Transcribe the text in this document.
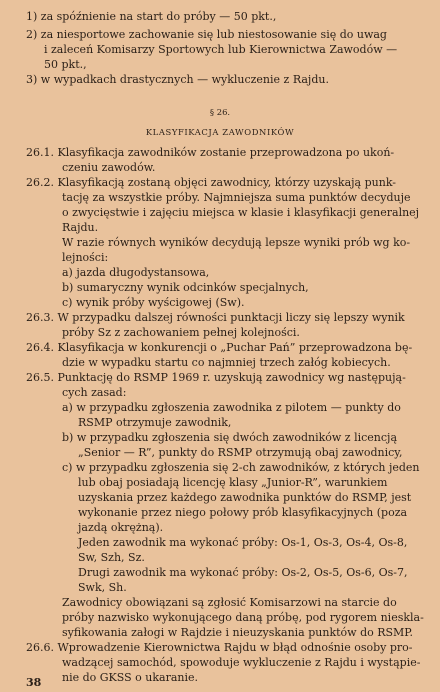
1) za spóźnienie na start do próby — 50 pkt.,
2) za niesportowe zachowanie się lub niestosowanie się do uwag
i zaleceń Komisarzy Sportowych lub Kierownictwa Zawodów —
50 pkt.,
3) w wypadkach drastycznych — wykluczenie z Rajdu.
§ 26.
KLASYFIKACJA ZAWODNIKÓW
26.1. Klasyfikacja zawodników zostanie przeprowadzona po ukoń-
czeniu zawodów.
26.2. Klasyfikacją zostaną objęci zawodnicy, którzy uzyskają punk-
tację za wszystkie próby. Najmniejsza suma punktów decyduje
o zwycięstwie i zajęciu miejsca w klasie i klasyfikacji generalnej
Rajdu.
W razie równych wyników decydują lepsze wyniki prób wg ko-
lejności:
a) jazda długodystansowa,
b) sumaryczny wynik odcinków specjalnych,
c) wynik próby wyścigowej (Sw).
26.3. W przypadku dalszej równości punktacji liczy się lepszy wynik
próby Sz z zachowaniem pełnej kolejności.
26.4. Klasyfikacja w konkurencji o „Puchar Pań” przeprowadzona bę-
dzie w wypadku startu co najmniej trzech załóg kobiecych.
26.5. Punktację do RSMP 1969 r. uzyskują zawodnicy wg następują-
cych zasad:
a) w przypadku zgłoszenia zawodnika z pilotem — punkty do
RSMP otrzymuje zawodnik,
b) w przypadku zgłoszenia się dwóch zawodników z licencją
„Senior — R”, punkty do RSMP otrzymują obaj zawodnicy,
c) w przypadku zgłoszenia się 2-ch zawodników, z których jeden
lub obaj posiadają licencję klasy „Junior-R”, warunkiem
uzyskania przez każdego zawodnika punktów do RSMP, jest
wykonanie przez niego połowy prób klasyfikacyjnych (poza
jazdą okrężną).
Jeden zawodnik ma wykonać próby: Os-1, Os-3, Os-4, Os-8,
Sw, Szh, Sz.
Drugi zawodnik ma wykonać próby: Os-2, Os-5, Os-6, Os-7,
Swk, Sh.
Zawodnicy obowiązani są zgłosić Komisarzowi na starcie do
próby nazwisko wykonującego daną próbę, pod rygorem niesklа-
syfikowania załogi w Rajdzie i nieuzyskania punktów do RSMP.
26.6. Wprowadzenie Kierownictwa Rajdu w błąd odnośnie osoby pro-
wadzącej samochód, spowoduje wykluczenie z Rajdu i wystąpie-
nie do GKSS o ukaranie.
38
